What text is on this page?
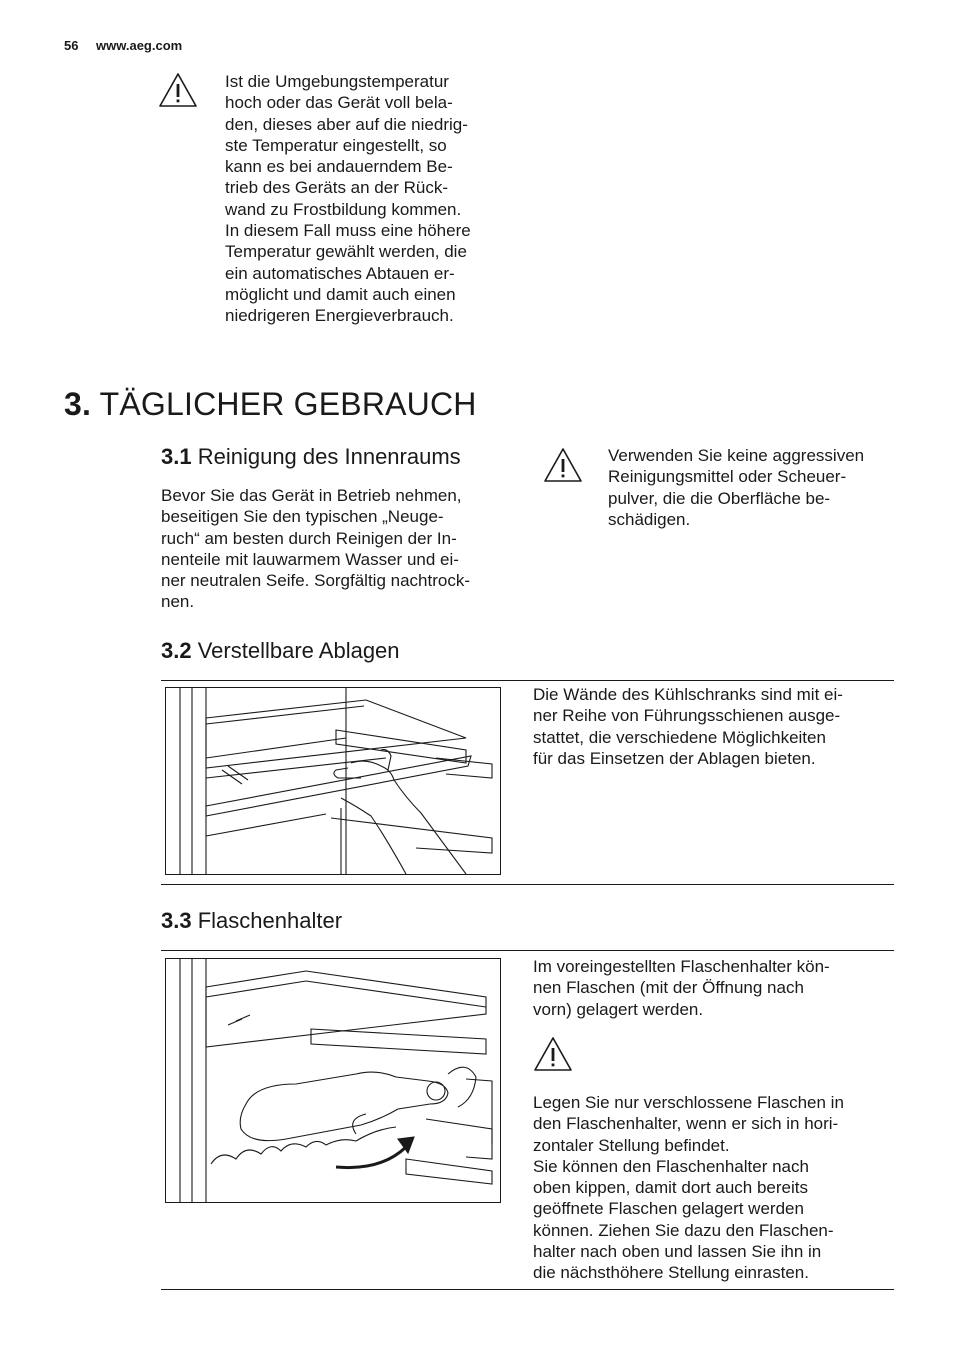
56 www.aeg.com

Ist die Umgebungstemperatur
hoch oder das Gerät voll bela-
den, dieses aber auf die niedrig-
ste Temperatur eingestellt, so
kann es bei andauerndem Be-
trieb des Geräts an der Rück-
wand zu Frostbildung kommen.
In diesem Fall muss eine höhere
Temperatur gewählt werden, die
ein automatisches Abtauen er-
möglicht und damit auch einen
niedrigeren Energieverbrauch.

3. TÄGLICHER GEBRAUCH
3.1 Reinigung des Innenraums

Bevor Sie das Gerät in Betrieb nehmen,
beseitigen Sie den typischen „Neuge-
ruch“ am besten durch Reinigen der In-
nenteile mit lauwarmem Wasser und ei-
ner neutralen Seife. Sorgfältig nachtrock-
nen.

Verwenden Sie keine aggressiven
Reinigungsmittel oder Scheuer-
pulver, die die Oberfläche be-
schädigen.

3.2 Verstellbare Ablagen

Die Wände des Kühlschranks sind mit ei-
ner Reihe von Führungsschienen ausge-
stattet, die verschiedene Möglichkeiten
für das Einsetzen der Ablagen bieten.

3.3 Flaschenhalter

Im voreingestellten Flaschenhalter kön-
nen Flaschen (mit der Öffnung nach
vorn) gelagert werden.

Legen Sie nur verschlossene Flaschen in
den Flaschenhalter, wenn er sich in hori-
zontaler Stellung befindet.
Sie können den Flaschenhalter nach
oben kippen, damit dort auch bereits
geöffnete Flaschen gelagert werden
können. Ziehen Sie dazu den Flaschen-
halter nach oben und lassen Sie ihn in
die nächsthöhere Stellung einrasten.
